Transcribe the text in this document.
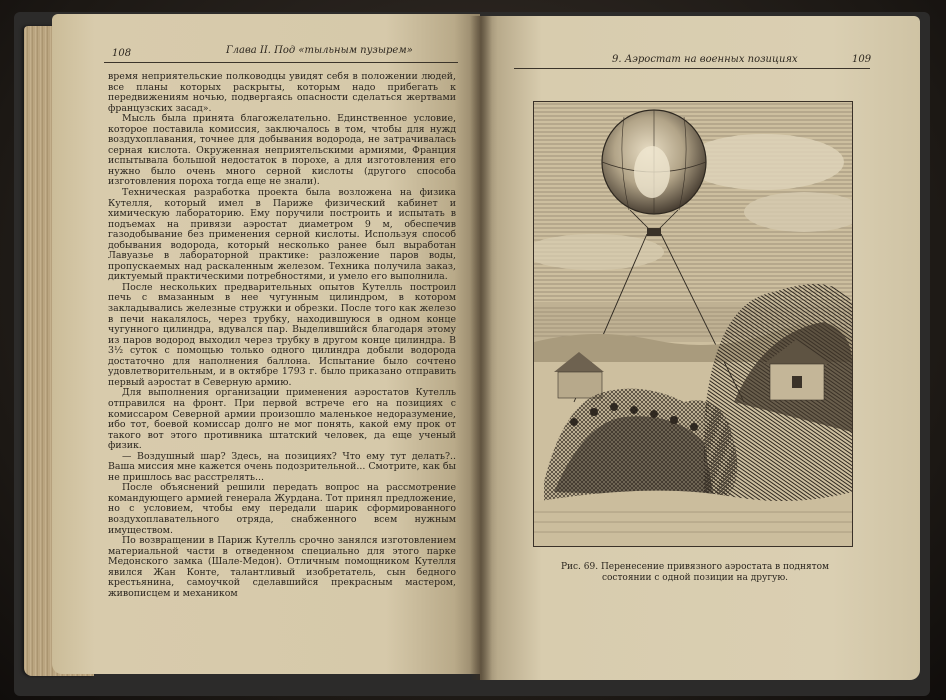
108	Глава II. Под «тыльным пузырем»

время неприятельские полководцы увидят себя в положении людей, все планы которых раскрыты, которым надо прибегать к передвижениям ночью, подвергаясь опасности сделаться жертвами французских засад».

Мысль была принята благожелательно. Единственное условие, которое поставила комиссия, заключалось в том, чтобы для нужд воздухоплавания, точнее для добывания водорода, не затрачивалась серная кислота. Окруженная неприятельскими армиями, Франция испытывала большой недостаток в порохе, а для изготовления его нужно было очень много серной кислоты (другого способа изготовления пороха тогда еще не знали).

Техническая разработка проекта была возложена на физика Кутелля, который имел в Париже физический кабинет и химическую лабораторию. Ему поручили построить и испытать в подъемах на привязи аэростат диаметром 9 м, обеспечив газодобывание без применения серной кислоты. Используя способ добывания водорода, который несколько ранее был выработан Лавуазье в лабораторной практике: разложение паров воды, пропускаемых над раскаленным железом. Техника получила заказ, диктуемый практическими потребностями, и умело его выполнила.

После нескольких предварительных опытов Кутелль построил печь с вмазанным в нее чугунным цилиндром, в котором закладывались железные стружки и обрезки. После того как железо в печи накалялось, через трубку, находившуюся в одном конце чугунного цилиндра, вдувался пар. Выделившийся благодаря этому из паров водород выходил через трубку в другом конце цилиндра. В 3½ суток с помощью только одного цилиндра добыли водорода достаточно для наполнения баллона. Испытание было сочтено удовлетворительным, и в октябре 1793 г. было приказано отправить первый аэростат в Северную армию.

Для выполнения организации применения аэростатов Кутелль отправился на фронт. При первой встрече его на позициях с комиссаром Северной армии произошло маленькое недоразумение, ибо тот, боевой комиссар долго не мог понять, какой ему прок от такого вот этого противника штатский человек, да еще ученый физик.

— Воздушный шар? Здесь, на позициях? Что ему тут делать?.. Ваша миссия мне кажется очень подозрительной... Смотрите, как бы не пришлось вас расстрелять...

После объяснений решили передать вопрос на рассмотрение командующего армией генерала Журдана. Тот принял предложение, но с условием, чтобы ему передали шарик сформированного воздухоплавательного отряда, снабженного всем нужным имуществом.

По возвращении в Париж Кутелль срочно занялся изготовлением материальной части в отведенном специально для этого парке Медонского замка (Шале-Медон). Отличным помощником Кутелля явился Жан Конте, талантливый изобретатель, сын бедного крестьянина, самоучкой сделавшийся прекрасным мастером, живописцем и механиком

9. Аэростат на военных позициях	109
Рис. 69. Перенесение привязного аэростата в поднятом состоянии с одной позиции на другую.
